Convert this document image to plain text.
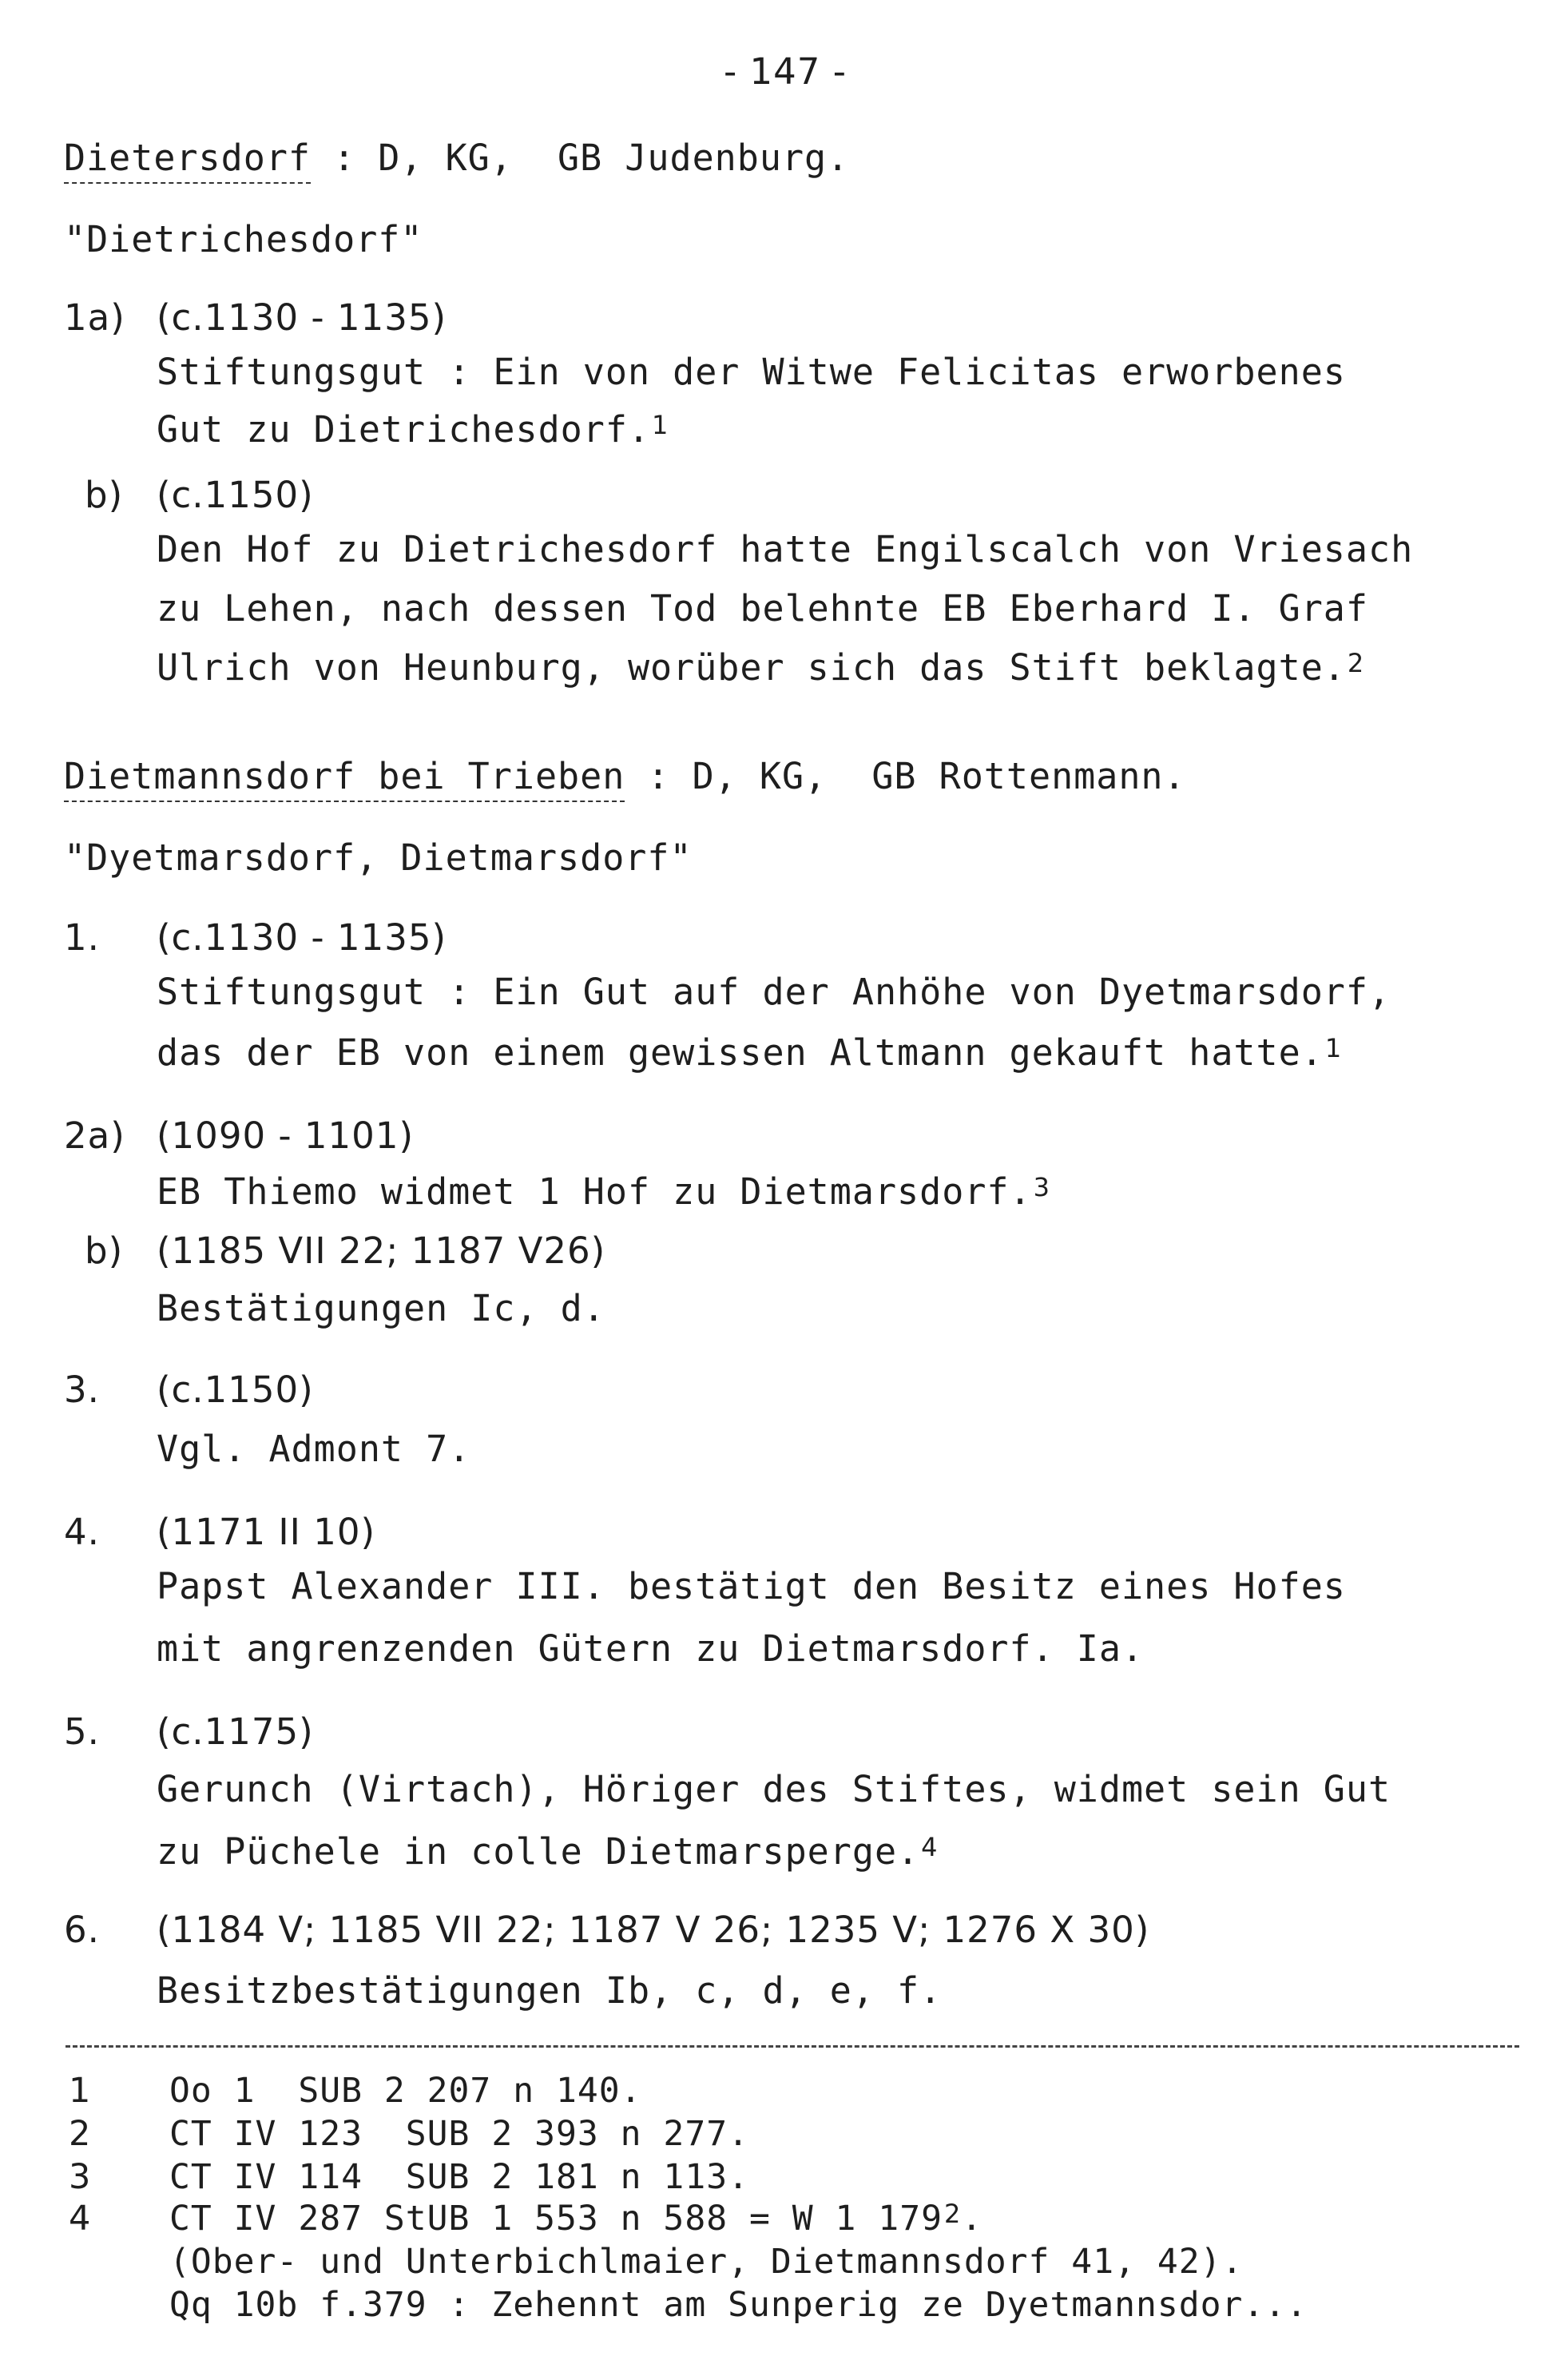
- 147 -
Dietersdorf : D, KG,  GB Judenburg.
"Dietrichesdorf"
1a) (c.1130 - 1135)
Stiftungsgut : Ein von der Witwe Felicitas erworbenes
Gut zu Dietrichesdorf.$^1$
b) (c.1150)
Den Hof zu Dietrichesdorf hatte Engilscalch von Vriesach
zu Lehen, nach dessen Tod belehnte EB Eberhard I. Graf
Ulrich von Heunburg, worüber sich das Stift beklagte.$^2$
Dietmannsdorf bei Trieben : D, KG,  GB Rottenmann.
"Dyetmarsdorf, Dietmarsdorf"
1. (c.1130 - 1135)
Stiftungsgut : Ein Gut auf der Anhöhe von Dyetmarsdorf,
das der EB von einem gewissen Altmann gekauft hatte.$^1$
2a) (1090 - 1101)
EB Thiemo widmet 1 Hof zu Dietmarsdorf.$^3$
b) (1185 VII 22; 1187 V26)
Bestätigungen Ic, d.
3. (c.1150)
Vgl. Admont 7.
4. (1171 II 10)
Papst Alexander III. bestätigt den Besitz eines Hofes
mit angrenzenden Gütern zu Dietmarsdorf. Ia.
5. (c.1175)
Gerunch (Virtach), Höriger des Stiftes, widmet sein Gut
zu Püchele in colle Dietmarsperge.$^4$
6. (1184 V; 1185 VII 22; 1187 V 26; 1235 V; 1276 X 30)
Besitzbestätigungen Ib, c, d, e, f.
1 Oo 1  SUB 2 207 n 140.
2 CT IV 123  SUB 2 393 n 277.
3 CT IV 114  SUB 2 181 n 113.
4 CT IV 287 StUB 1 553 n 588 = W 1 $179^2$.
(Ober- und Unterbichlmaier, Dietmannsdorf 41, 42).
Qq 10b f.379 : Zehennt am Sunperig ze Dyetmannsdor...
